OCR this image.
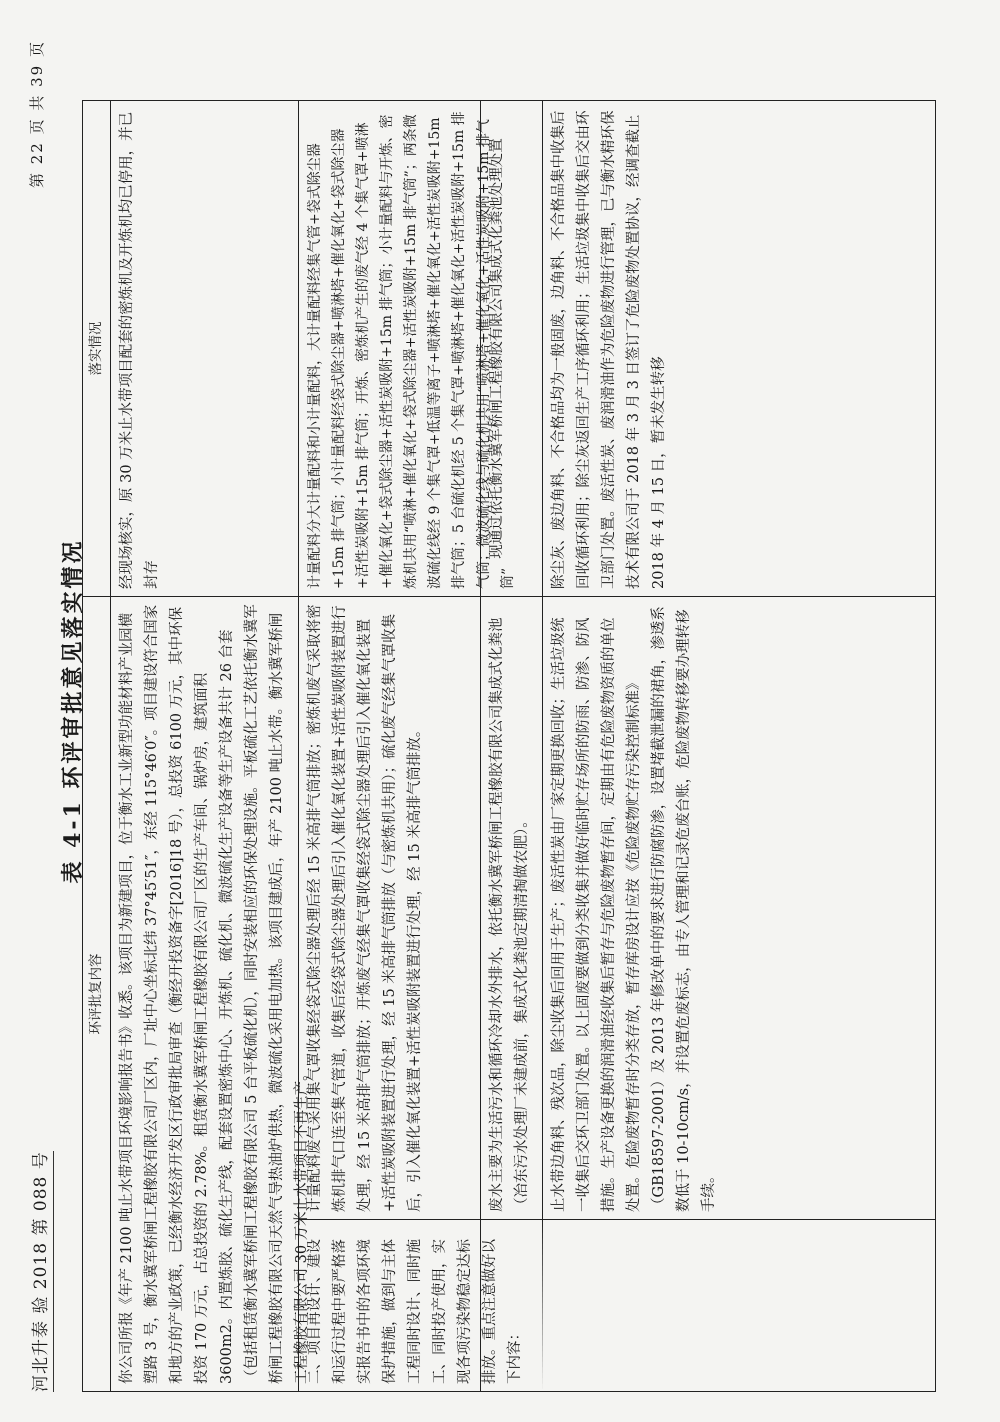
河北升泰 验 2018 第 088 号
第 22 页 共 39 页
表 4-1 环评审批意见落实情况
环评批复内容
落实情况
你公司所报《年产 2100 吨止水带项目环境影响报告书》收悉。该项目为新建项目，位于衡水工业新型功能材料产业园横塑路 3 号，衡水冀军桥闸工程橡胶有限公司厂区内，厂址中心坐标北纬 37°45′51″，东经 115°46′0″。项目建设符合国家和地方的产业政策，已经衡水经济开发区行政审批局审查（衡经开投资备字[2016]18 号），总投资 6100 万元，其中环保投资 170 万元，占总投资的 2.78%。租赁衡水冀军桥闸工程橡胶有限公司厂区的生产车间、锅炉房，建筑面积 3600m2。内置炼胶、硫化生产线，配套设置密炼中心、开炼机、硫化机、微波硫化生产设备等生产设备共计 26 台套（包括租赁衡水冀军桥闸工程橡胶有限公司 5 台平板硫化机），同时安装相应的环保处理设施。平板硫化工艺依托衡水冀军桥闸工程橡胶有限公司天然气导热油炉供热，微波硫化采用电加热。该项目建成后，年产 2100 吨止水带。衡水冀军桥闸工程橡胶有限公司 30 万米止水带项目不再生产。
经现场核实，原 30 万米止水带项目配套的密炼机及开炼机均已停用，并已封存
二、项目再设计、建设和运行过程中要严格落实报告书中的各项环境保护措施，做到与主体工程同时设计、同时施工、同时投产使用，实现各项污染物稳定达标排放。重点注意做好以下内容：
计量配料废气采用集气罩收集经袋式除尘器处理后经 15 米高排气筒排放；密炼机废气采取将密炼机排气口连至集气管道，收集后经袋式除尘器处理后引入催化氧化装置+活性炭吸附装置进行处理，经 15 米高排气筒排放；开炼废气经集气罩收集经袋式除尘器处理后引入催化氧化装置+活性炭吸附装置进行处理，经 15 米高排气筒排放（与密炼机共用）；硫化废气经集气罩收集后，引入催化氧化装置+活性炭吸附装置进行处理，经 15 米高排气筒排放。
计量配料分大计量配料和小计量配料，大计量配料经集气管+袋式除尘器+15m 排气筒；小计量配料经袋式除尘器+喷淋塔+催化氧化+袋式除尘器+活性炭吸附+15m 排气筒；开炼、密炼机产生的废气经 4 个集气罩+喷淋+催化氧化+袋式除尘器+活性炭吸附+15m 排气筒；小计量配料与开炼、密炼机共用“喷淋+催化氧化+袋式除尘器+活性炭吸附+15m 排气筒”；两条微波硫化线经 9 个集气罩+低温等离子+喷淋塔+催化氧化+活性炭吸附+15m 排气筒；5 台硫化机经 5 个集气罩+喷淋塔+催化氧化+活性炭吸附+15m 排气筒；微波硫化线与硫化机共用“喷淋塔+催化氧化+活性炭吸附+15m 排气筒”
废水主要为生活污水和循环冷却水外排水，依托衡水冀军桥闸工程橡胶有限公司集成式化粪池（冶东污水处理厂未建成前，集成式化粪池定期清掏做农肥）。
现通过依托衡水冀军桥闸工程橡胶有限公司集成式化粪池处理处置
止水带边角料、残次品，除尘收集后回用于生产；废活性炭由厂家定期更换回收；生活垃圾统一收集后交环卫部门处置。以上固废要做到分类收集并做好临时贮存场所的防雨、防渗、防风措施。生产设备更换的润滑油经收集后暂存与危险废物暂存间，定期由有危险废物资质的单位处置。危险废物暂存时分类存放，暂存库房设计应按《危险废物贮存污染控制标准》（GB18597-2001）及 2013 年修改单中的要求进行防腐防渗，设置堵截泄漏的裙角，渗透系数低于 10-10cm/s，并设置危废标志，由专人管理和记录危废台账，危险废物转移要办理转移手续。
除尘灰、废边角料、不合格品均为一般固废，边角料、不合格品集中收集后回收循环利用；除尘灰返回生产工序循环利用；生活垃圾集中收集后交由环卫部门处置。废活性炭、废润滑油作为危险废物进行管理，已与衡水精环保技术有限公司于 2018 年 3 月 3 日签订了危险废物处置协议，经调查截止 2018 年 4 月 15 日，暂未发生转移
